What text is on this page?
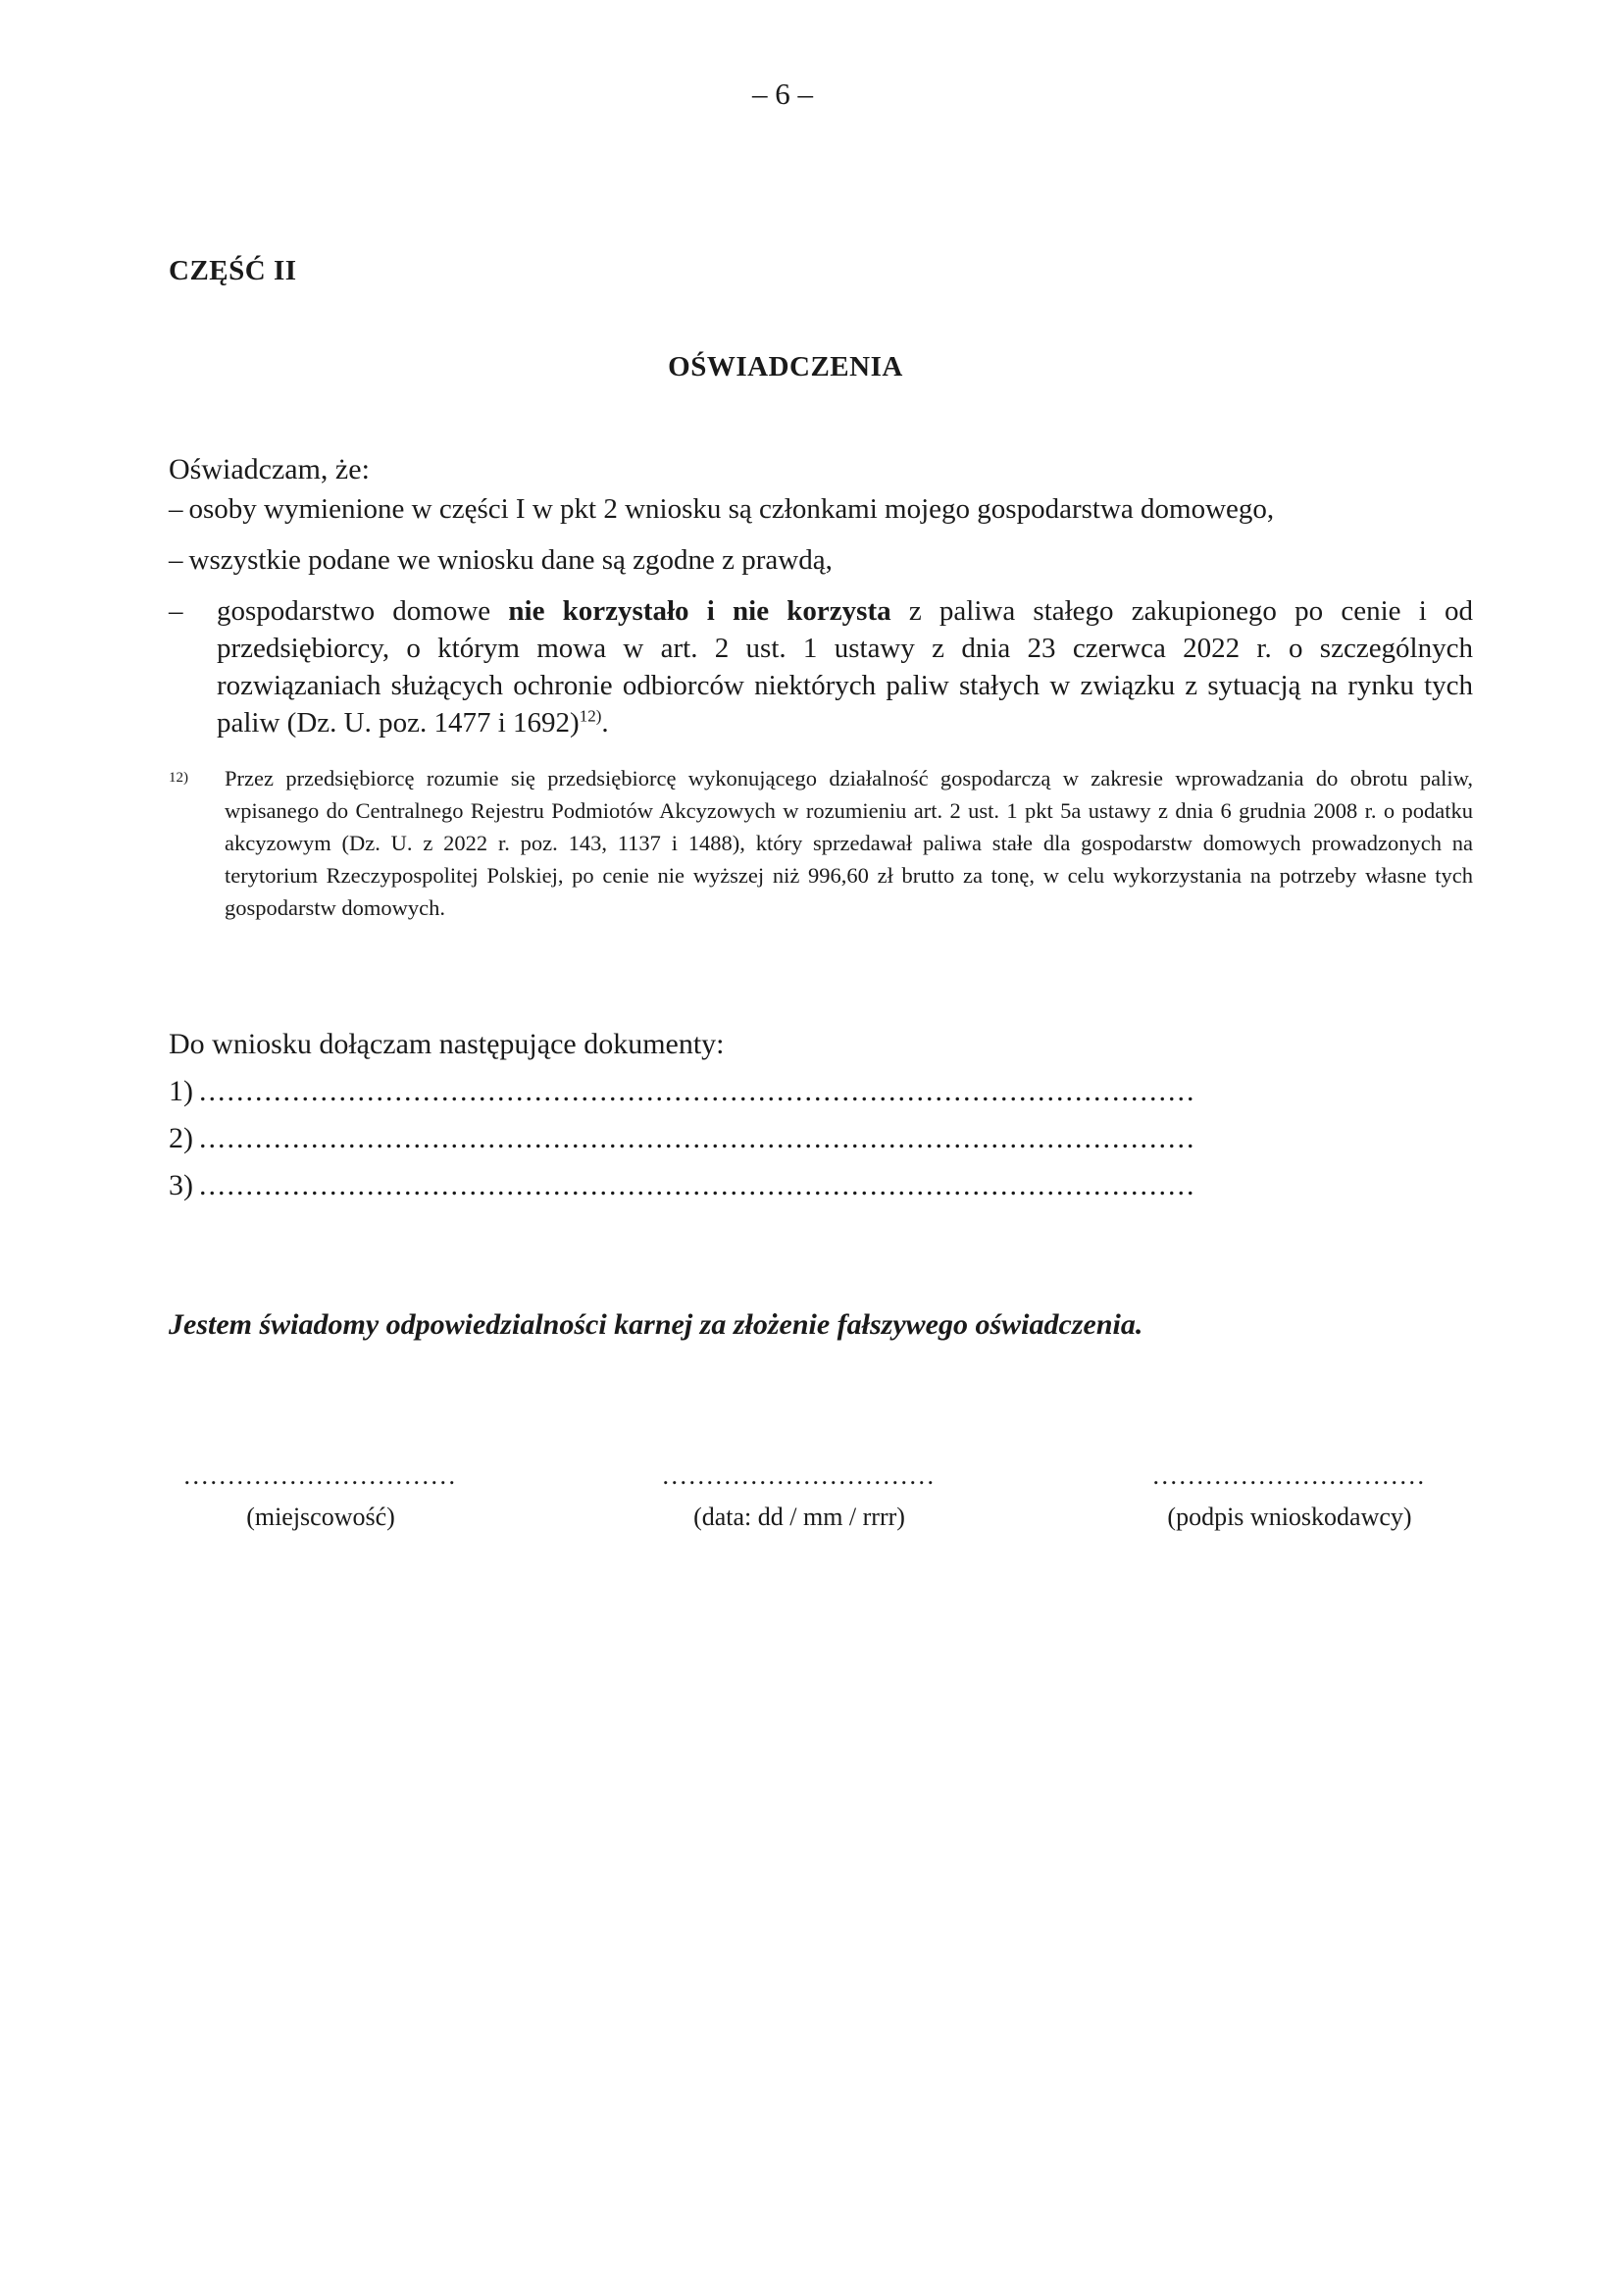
– 6 –
CZĘŚĆ II
OŚWIADCZENIA
Oświadczam, że:
– osoby wymienione w części I w pkt 2 wniosku są członkami mojego gospodarstwa domowego,
– wszystkie podane we wniosku dane są zgodne z prawdą,
– gospodarstwo domowe nie korzystało i nie korzysta z paliwa stałego zakupionego po cenie i od przedsiębiorcy, o którym mowa w art. 2 ust. 1 ustawy z dnia 23 czerwca 2022 r. o szczególnych rozwiązaniach służących ochronie odbiorców niektórych paliw stałych w związku z sytuacją na rynku tych paliw (Dz. U. poz. 1477 i 1692)$^{12)}$.
12) Przez przedsiębiorcę rozumie się przedsiębiorcę wykonującego działalność gospodarczą w zakresie wprowadzania do obrotu paliw, wpisanego do Centralnego Rejestru Podmiotów Akcyzowych w rozumieniu art. 2 ust. 1 pkt 5a ustawy z dnia 6 grudnia 2008 r. o podatku akcyzowym (Dz. U. z 2022 r. poz. 143, 1137 i 1488), który sprzedawał paliwa stałe dla gospodarstw domowych prowadzonych na terytorium Rzeczypospolitej Polskiej, po cenie nie wyższej niż 996,60 zł brutto za tonę, w celu wykorzystania na potrzeby własne tych gospodarstw domowych.
Do wniosku dołączam następujące dokumenty:
1) ...........................................................................................................
2) ...........................................................................................................
3) ...........................................................................................................
Jestem świadomy odpowiedzialności karnej za złożenie fałszywego oświadczenia.
...............................
(miejscowość)
...............................
(data: dd / mm / rrrr)
...............................
(podpis wnioskodawcy)
